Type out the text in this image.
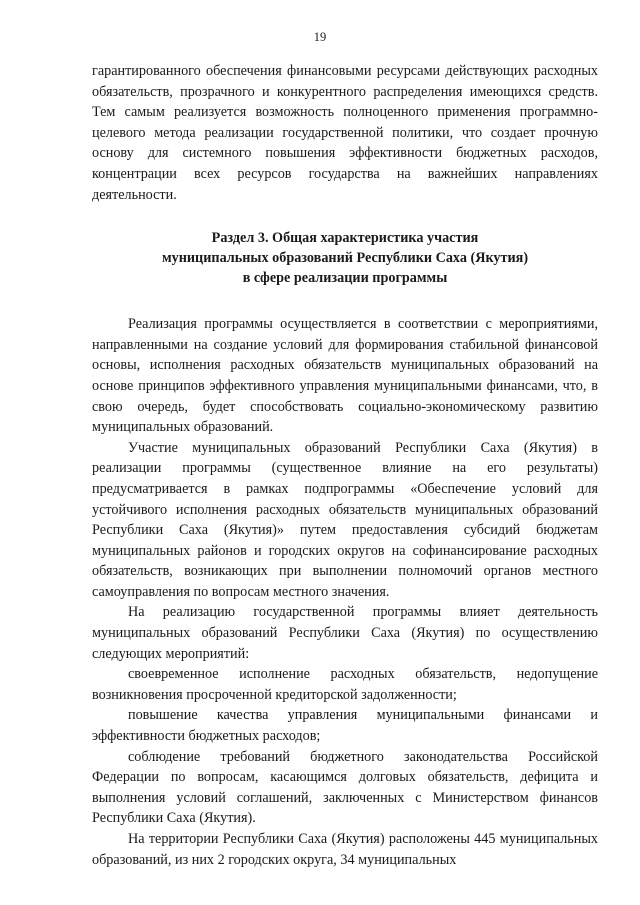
19

гарантированного обеспечения финансовыми ресурсами действующих расходных обязательств, прозрачного и конкурентного распределения имеющихся средств. Тем самым реализуется возможность полноценного применения программно-целевого метода реализации государственной политики, что создает прочную основу для системного повышения эффективности бюджетных расходов, концентрации всех ресурсов государства на важнейших направлениях деятельности.

Раздел 3. Общая характеристика участия
муниципальных образований Республики Саха (Якутия)
в сфере реализации программы

Реализация программы осуществляется в соответствии с мероприятиями, направленными на создание условий для формирования стабильной финансовой основы, исполнения расходных обязательств муниципальных образований на основе принципов эффективного управления муниципальными финансами, что, в свою очередь, будет способствовать социально-экономическому развитию муниципальных образований.

Участие муниципальных образований Республики Саха (Якутия) в реализации программы (существенное влияние на его результаты) предусматривается в рамках подпрограммы «Обеспечение условий для устойчивого исполнения расходных обязательств муниципальных образований Республики Саха (Якутия)» путем предоставления субсидий бюджетам муниципальных районов и городских округов на софинансирование расходных обязательств, возникающих при выполнении полномочий органов местного самоуправления по вопросам местного значения.

На реализацию государственной программы влияет деятельность муниципальных образований Республики Саха (Якутия) по осуществлению следующих мероприятий:

своевременное исполнение расходных обязательств, недопущение возникновения просроченной кредиторской задолженности;

повышение качества управления муниципальными финансами и эффективности бюджетных расходов;

соблюдение требований бюджетного законодательства Российской Федерации по вопросам, касающимся долговых обязательств, дефицита и выполнения условий соглашений, заключенных с Министерством финансов Республики Саха (Якутия).

На территории Республики Саха (Якутия) расположены 445 муниципальных образований, из них 2 городских округа, 34 муниципальных
